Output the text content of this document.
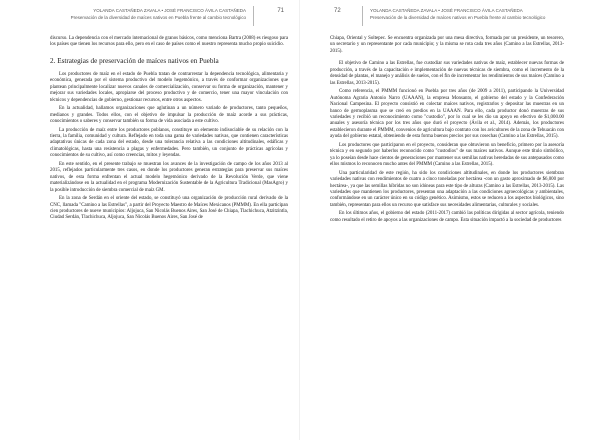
YOLANDA CASTAÑEDA ZAVALA • JOSÉ FRANCISCO ÁVILA CASTAÑEDA
Preservación de la diversidad de maíces nativos en Puebla frente al cambio tecnológico
71

discurso. La dependencia con el mercado internacional de granos básicos, como menciona Bartra (2008) es riesgoso para los países que tienen los recursos para ello, pero en el caso de países como el nuestro representa mucho propio suicidio.

2. Estrategias de preservación de maíces nativos en Puebla

Los productores de maíz en el estado de Puebla tratan de contrarrestar la dependencia tecnológica, alimentaria y económica, generada por el sistema productivo del modelo hegemónico, a través de conformar organizaciones que plantean principalmente localizar nuevos canales de comercialización, conservar su forma de organización, mantener y mejorar sus variedades locales, apropiarse del proceso productivo y de comercio, tener una mayor vinculación con técnicos y dependencias de gobierno, gestionar recursos, entre otros aspectos.

En la actualidad, hallamos organizaciones que aglutinan a un número variado de productores, tanto pequeños, medianos y grandes. Todos ellos, con el objetivo de impulsar la producción de maíz acorde a sus prácticas, conocimientos o saberes y conservar también su forma de vida asociada a este cultivo.

La producción de maíz entre los productores poblanos, constituye un elemento indisociable de su relación con la tierra, la familia, comunidad y cultura. Reflejado en toda una gama de variedades nativas, que contienen características adaptativas únicas de cada zona del estado, desde una tolerancia relativa a las condiciones altitudinales, edáficas y climatológicas, hasta una resistencia a plagas y enfermedades. Pero también, un conjunto de prácticas agrícolas y conocimientos de su cultivo, así como creencias, mitos y leyendas.

En este sentido, en el presente trabajo se muestran los avances de la investigación de campo de los años 2013 al 2015, reflejados particularmente tres casos, en donde los productores generan estrategias para preservar sus maíces nativos, de esta forma enfrentan el actual modelo hegemónico derivado de la Revolución Verde, que viene materializándose en la actualidad en el programa Modernización Sustentable de la Agricultura Tradicional (MasAgro) y la posible introducción de siembra comercial de maíz GM.

En la zona de Serdán en el oriente del estado, se constituyó una organización de producción rural derivado de la CNC, llamada "Camino a las Estrellas", a partir del Proyecto Maestro de Maíces Mexicanos (PMMM). En ella participan cien productores de nueve municipios: Aljojuca, San Nicolás Buenos Aires, San José de Chiapa, Tlachichuca, Atzitzintla, Ciudad Serdán, Tlachichuca, Aljojuca, San Nicolás Buenos Aires, San José de

72	YOLANDA CASTAÑEDA ZAVALA • JOSÉ FRANCISCO ÁVILA CASTAÑEDA
Preservación de la diversidad de maíces nativos en Puebla frente al cambio tecnológico

Chiapa, Oriental y Soltepec. Se encuentra organizada por una mesa directiva, formada por un presidente, un tesorero, un secretario y un representante por cada municipio; y la misma se rota cada tres años (Camino a las Estrellas, 2013-2015).

El objetivo de Camino a las Estrellas, fue custodiar sus variedades nativas de maíz, establecer nuevas formas de producción, a través de la capacitación e implementación de nuevas técnicas de siembra, como el incremento de la densidad de plantas, el manejo y análisis de suelos, con el fin de incrementar los rendimientos de sus maíces (Camino a las Estrellas, 2013-2015).

Como referencia, el PMMM funcionó en Puebla por tres años (de 2009 a 2011), participando la Universidad Autónoma Agraria Antonio Narro (UAAAN), la empresa Monsanto, el gobierno del estado y la Confederación Nacional Campesina. El proyecto consistió en colectar maíces nativos, registrarlos y depositar las muestras en un banco de germoplasma que se creó en predios en la UAAAN. Para ello, cada productor donó muestras de sus variedades y recibió un reconocimiento como "custodio", por lo cual se les dio un apoyo en efectivo de $1,000.00 anuales y asesoría técnica por los tres años que duró el proyecto (Ávila et al., 2014). Además, los productores establecieron durante el PMMM, convenios de agricultura bajo contrato con los avicultores de la zona de Tehuacán con ayuda del gobierno estatal, obteniendo de esta forma buenos precios por sus cosechas (Camino a las Estrellas, 2015).

Los productores que participaron en el proyecto, consideran que obtuvieron un beneficio, primero por la asesoría técnica y en segundo por haberlos reconocido como "custodios" de sus maíces nativos. Aunque este título simbólico, ya lo poseían desde hace cientos de generaciones por mantener sus semillas nativas heredadas de sus antepasados como ellos mismos lo reconocen mucho antes del PMMM (Camino a las Estrellas, 2015).

Una particularidad de este región, ha sido los condiciones altitudinales, en donde los productores siembran variedades nativas con rendimientos de cuatro a cinco toneladas por hectárea -con un gasto aproximado de $6,000 por hectárea-, ya que las semillas híbridas no son idóneas para este tipo de alturas (Camino a las Estrellas, 2013-2015). Las variedades que mantienen los productores, presentan una adaptación a las condiciones agroecológicas y ambientales, conformándose en un carácter único en su código genético. Asimismo, estos se reducen a los aspectos biológicos, sino también, representan para ellos un recurso que satisface sus necesidades alimentarias, culturales y sociales.

En los últimos años, el gobierno del estado (2011-2017) cambió las políticas dirigidas al sector agrícola, teniendo como resultado el retiro de apoyos a las organizaciones de campo. Esta situación impactó a la sociedad de productores
